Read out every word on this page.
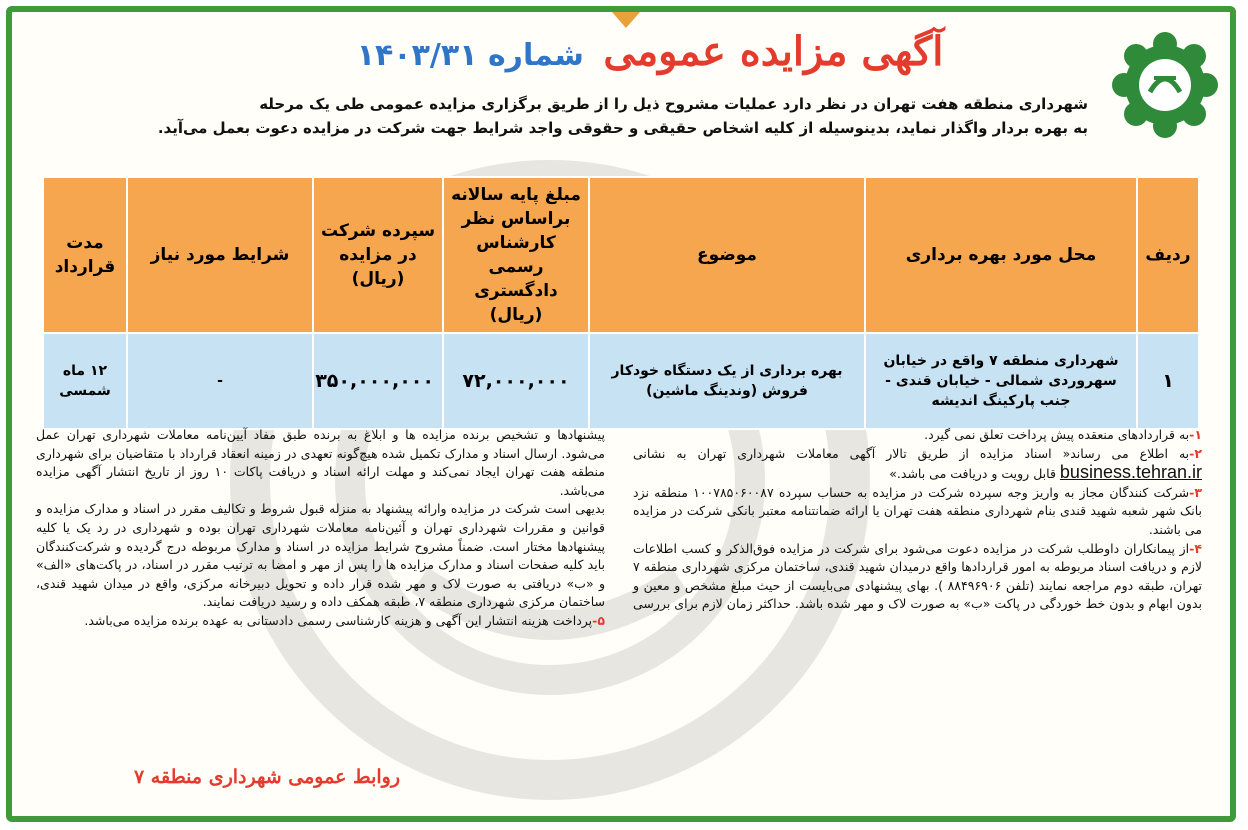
آگهی مزایده عمومی شماره ۱۴۰۳/۳۱

شهرداری منطقه هفت تهران در نظر دارد عملیات مشروح ذیل را از طریق برگزاری مزایده عمومی طی یک مرحله

به بهره بردار واگذار نماید، بدینوسیله از کلیه اشخاص حقیقی و حقوقی واجد شرایط جهت شرکت در مزایده دعوت بعمل می‌آید.

ردیف	محل مورد بهره برداری	موضوع	مبلغ پایه سالانه براساس نظر کارشناس رسمی دادگستری (ریال)	سپرده شرکت در مزایده (ریال)	شرایط مورد نیاز	مدت قرارداد
۱	شهرداری منطقه ۷ واقع در خیابان سهروردی شمالی - خیابان قندی - جنب پارکینگ اندیشه	بهره برداری از یک دستگاه خودکار فروش (وندینگ ماشین)	۷۲,۰۰۰,۰۰۰	۳۵۰,۰۰۰,۰۰۰	-	۱۲ ماه شمسی

۱-به قراردادهای منعقده پیش پرداخت تعلق نمی گیرد.

۲-به اطلاع می رساند« اسناد مزایده از طریق تالار آگهی معاملات شهرداری تهران به نشانی business.tehran.ir قابل رویت و دریافت می باشد.»

۳-شرکت کنندگان مجاز به واریز وجه سپرده شرکت در مزایده به حساب سپرده ۱۰۰۷۸۵۰۶۰۰۸۷ منطقه نزد بانک شهر شعبه شهید قندی بنام شهرداری منطقه هفت تهران یا ارائه ضمانتنامه معتبر بانکی شرکت در مزایده می باشند.

۴-از پیمانکاران داوطلب شرکت در مزایده دعوت می‌شود برای شرکت در مزایده فوق‌الذکر و کسب اطلاعات لازم و دریافت اسناد مربوطه به امور قراردادها واقع درمیدان شهید قندی، ساختمان مرکزی شهرداری منطقه ۷ تهران، طبقه دوم مراجعه نمایند (تلفن ۸۸۴۹۶۹۰۶ ). بهای پیشنهادی می‌بایست از حیث مبلغ مشخص و معین و بدون ابهام و بدون خط خوردگی در پاکت «ب» به صورت لاک و مهر شده باشد. حداکثر زمان لازم برای بررسی پیشنهادها و تشخیص برنده مزایده ها و ابلاغ به برنده طبق مفاد آیین‌نامه معاملات شهرداری تهران عمل می‌شود. ارسال اسناد و مدارک تکمیل شده هیچ‌گونه تعهدی در زمینه انعقاد قرارداد با متقاضیان برای شهرداری منطقه هفت تهران ایجاد نمی‌کند و مهلت ارائه اسناد و دریافت پاکات ۱۰ روز از تاریخ انتشار آگهی مزایده می‌باشد.

بدیهی است شرکت در مزایده وارائه پیشنهاد به منزله قبول شروط و تکالیف مقرر در اسناد و مدارک مزایده و قوانین و مقررات شهرداری تهران و آئین‌نامه معاملات شهرداری تهران بوده و شهرداری در رد یک یا کلیه پیشنهادها مختار است. ضمناً مشروح شرایط مزایده در اسناد و مدارک مربوطه درج گردیده و شرکت‌کنندگان باید کلیه صفحات اسناد و مدارک مزایده ها را پس از مهر و امضا به ترتیب مقرر در اسناد، در پاکت‌های «الف» و «ب» دریافتی به صورت لاک و مهر شده قرار داده و تحویل دبیرخانه مرکزی، واقع در میدان شهید قندی، ساختمان مرکزی شهرداری منطقه ۷، طبقه همکف داده و رسید دریافت نمایند.

۵-پرداخت هزینه انتشار این آگهی و هزینه کارشناسی رسمی دادستانی به عهده برنده مزایده می‌باشد.

روابط عمومی شهرداری منطقه ۷
